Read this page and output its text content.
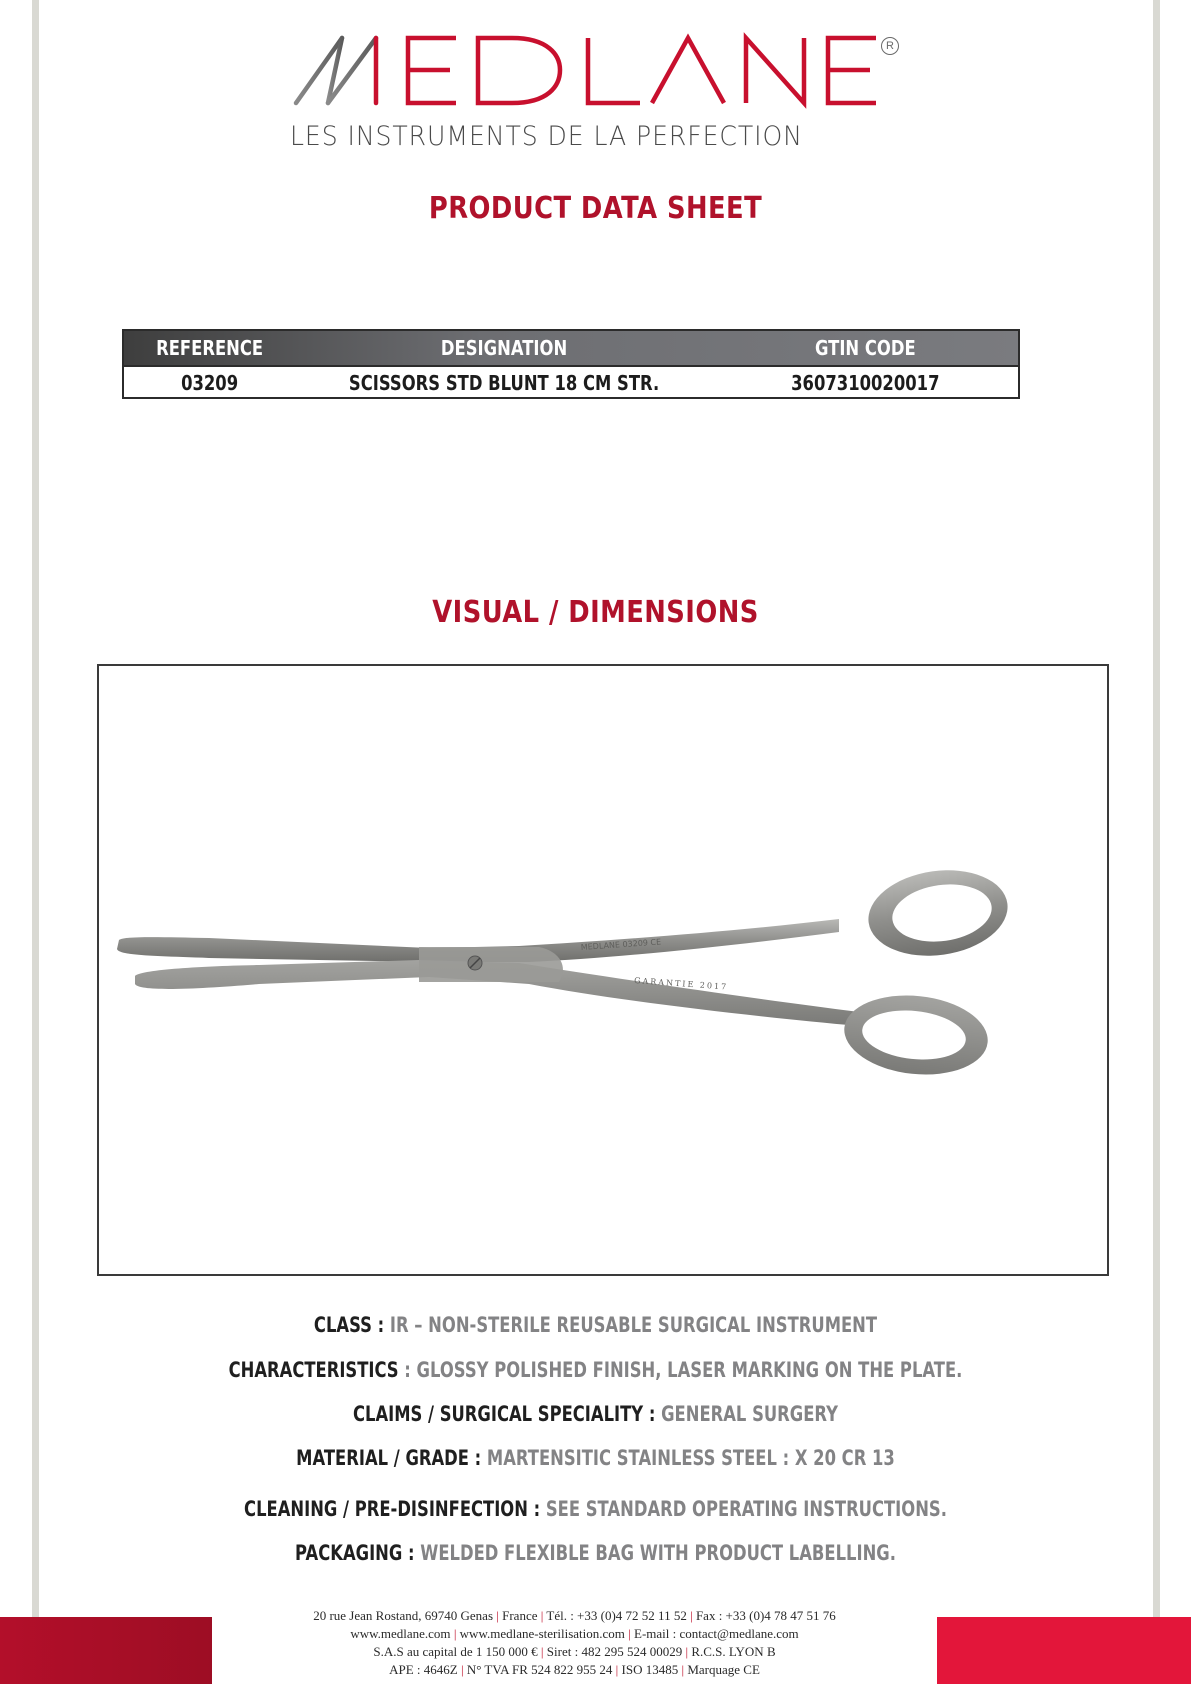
R
LES INSTRUMENTS DE LA PERFECTION
PRODUCT DATA SHEET
REFERENCE	DESIGNATION	GTIN CODE
03209	SCISSORS STD BLUNT 18 CM STR.	3607310020017
VISUAL / DIMENSIONS
MEDLANE 03209 CE
GARANTIE 2017
CLASS : IR – NON-STERILE REUSABLE SURGICAL INSTRUMENT
CHARACTERISTICS : GLOSSY POLISHED FINISH, LASER MARKING ON THE PLATE.
CLAIMS / SURGICAL SPECIALITY : GENERAL SURGERY
MATERIAL / GRADE : MARTENSITIC STAINLESS STEEL : X 20 CR 13
CLEANING / PRE-DISINFECTION : SEE STANDARD OPERATING INSTRUCTIONS.
PACKAGING : WELDED FLEXIBLE BAG WITH PRODUCT LABELLING.
20 rue Jean Rostand, 69740 Genas | France | Tél. : +33 (0)4 72 52 11 52 | Fax : +33 (0)4 78 47 51 76
www.medlane.com | www.medlane-sterilisation.com | E-mail : contact@medlane.com
S.A.S au capital de 1 150 000 € | Siret : 482 295 524 00029 | R.C.S. LYON B
APE : 4646Z | N° TVA FR 524 822 955 24 | ISO 13485 | Marquage CE
